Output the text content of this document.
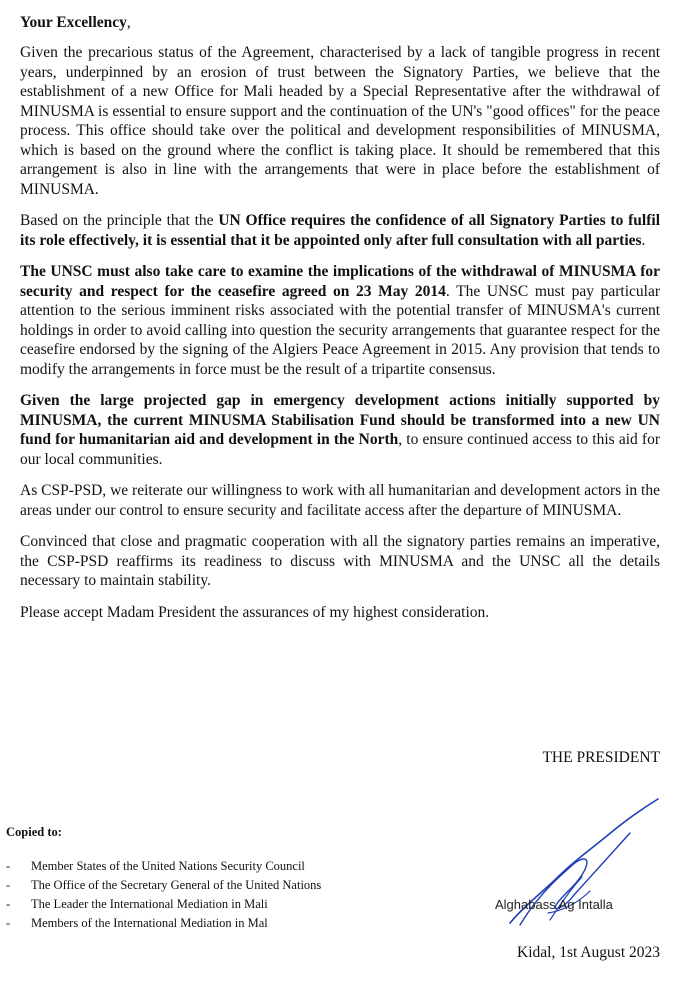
Your Excellency,

Given the precarious status of the Agreement, characterised by a lack of tangible progress in recent years, underpinned by an erosion of trust between the Signatory Parties, we believe that the establishment of a new Office for Mali headed by a Special Representative after the withdrawal of MINUSMA is essential to ensure support and the continuation of the UN's "good offices" for the peace process. This office should take over the political and development responsibilities of MINUSMA, which is based on the ground where the conflict is taking place. It should be remembered that this arrangement is also in line with the arrangements that were in place before the establishment of MINUSMA.

Based on the principle that the UN Office requires the confidence of all Signatory Parties to fulfil its role effectively, it is essential that it be appointed only after full consultation with all parties.

The UNSC must also take care to examine the implications of the withdrawal of MINUSMA for security and respect for the ceasefire agreed on 23 May 2014. The UNSC must pay particular attention to the serious imminent risks associated with the potential transfer of MINUSMA's current holdings in order to avoid calling into question the security arrangements that guarantee respect for the ceasefire endorsed by the signing of the Algiers Peace Agreement in 2015. Any provision that tends to modify the arrangements in force must be the result of a tripartite consensus.

Given the large projected gap in emergency development actions initially supported by MINUSMA, the current MINUSMA Stabilisation Fund should be transformed into a new UN fund for humanitarian aid and development in the North, to ensure continued access to this aid for our local communities.

As CSP-PSD, we reiterate our willingness to work with all humanitarian and development actors in the areas under our control to ensure security and facilitate access after the departure of MINUSMA.

Convinced that close and pragmatic cooperation with all the signatory parties remains an imperative, the CSP-PSD reaffirms its readiness to discuss with MINUSMA and the UNSC all the details necessary to maintain stability.

Please accept Madam President the assurances of my highest consideration.

THE PRESIDENT
Copied to:
-	Member States of the United Nations Security Council
-	The Office of the Secretary General of the United Nations
-	The Leader the International Mediation in Mali
-	Members of the International Mediation in Mal
Alghabass Ag Intalla
Kidal, 1st August 2023
